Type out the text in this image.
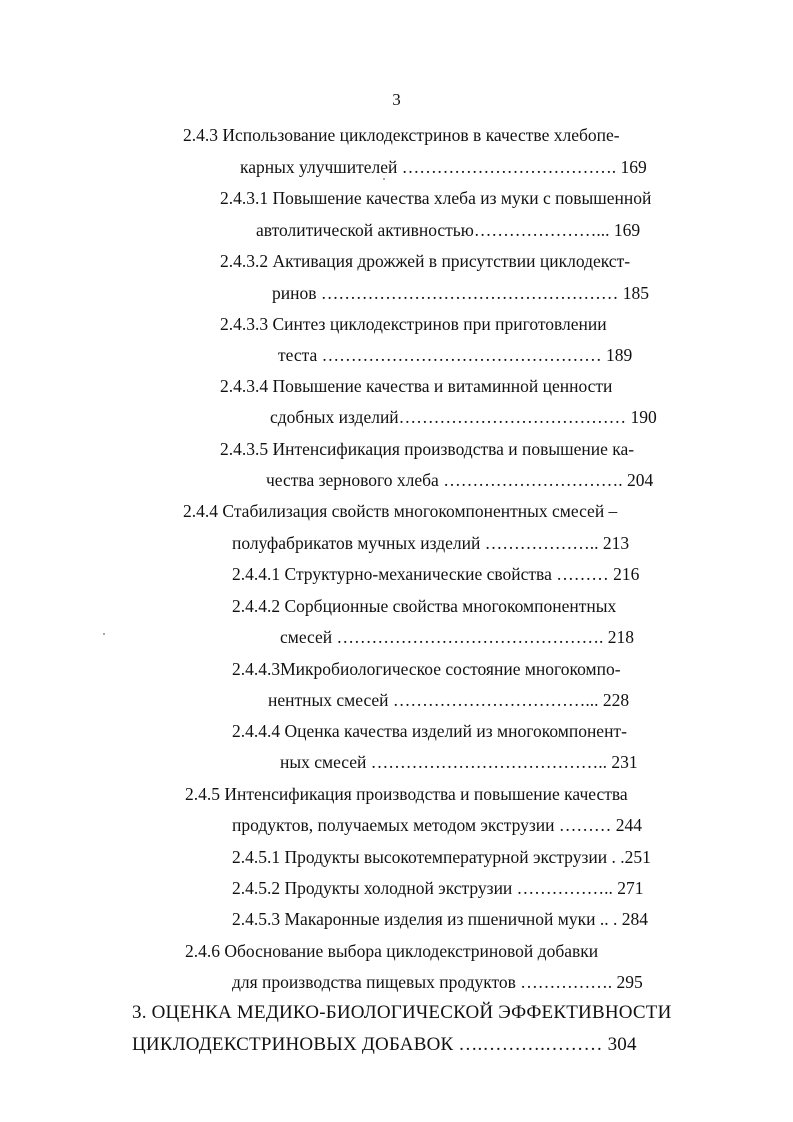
3
2.4.3 Использование циклодекстринов в качестве хлебопе-
карных улучшителей ………………………………. 169
2.4.3.1 Повышение качества хлеба из муки с повышенной
автолитической активностью…………………... 169
2.4.3.2 Активация дрожжей в присутствии циклодекст-
ринов …………………………………………… 185
2.4.3.3 Синтез циклодекстринов при приготовлении
теста ………………………………………… 189
2.4.3.4 Повышение качества и витаминной ценности
сдобных изделий………………………………… 190
2.4.3.5 Интенсификация производства и повышение ка-
чества зернового хлеба …………………………. 204
2.4.4 Стабилизация свойств многокомпонентных смесей –
полуфабрикатов мучных изделий ……………….. 213
2.4.4.1 Структурно-механические свойства ……… 216
2.4.4.2 Сорбционные свойства многокомпонентных
смесей ………………………………………. 218
2.4.4.3Микробиологическое состояние многокомпо-
нентных смесей ……………………………... 228
2.4.4.4 Оценка качества изделий из многокомпонент-
ных смесей ………………………………….. 231
2.4.5 Интенсификация производства и повышение качества
продуктов, получаемых методом экструзии ……… 244
2.4.5.1 Продукты высокотемпературной экструзии . .251
2.4.5.2 Продукты холодной экструзии …………….. 271
2.4.5.3 Макаронные изделия из пшеничной муки .. . 284
2.4.6 Обоснование выбора циклодекстриновой добавки
для производства пищевых продуктов ……………. 295
3. ОЦЕНКА МЕДИКО-БИОЛОГИЧЕСКОЙ ЭФФЕКТИВНОСТИ
ЦИКЛОДЕКСТРИНОВЫХ ДОБАВОК ….……….……… 304
